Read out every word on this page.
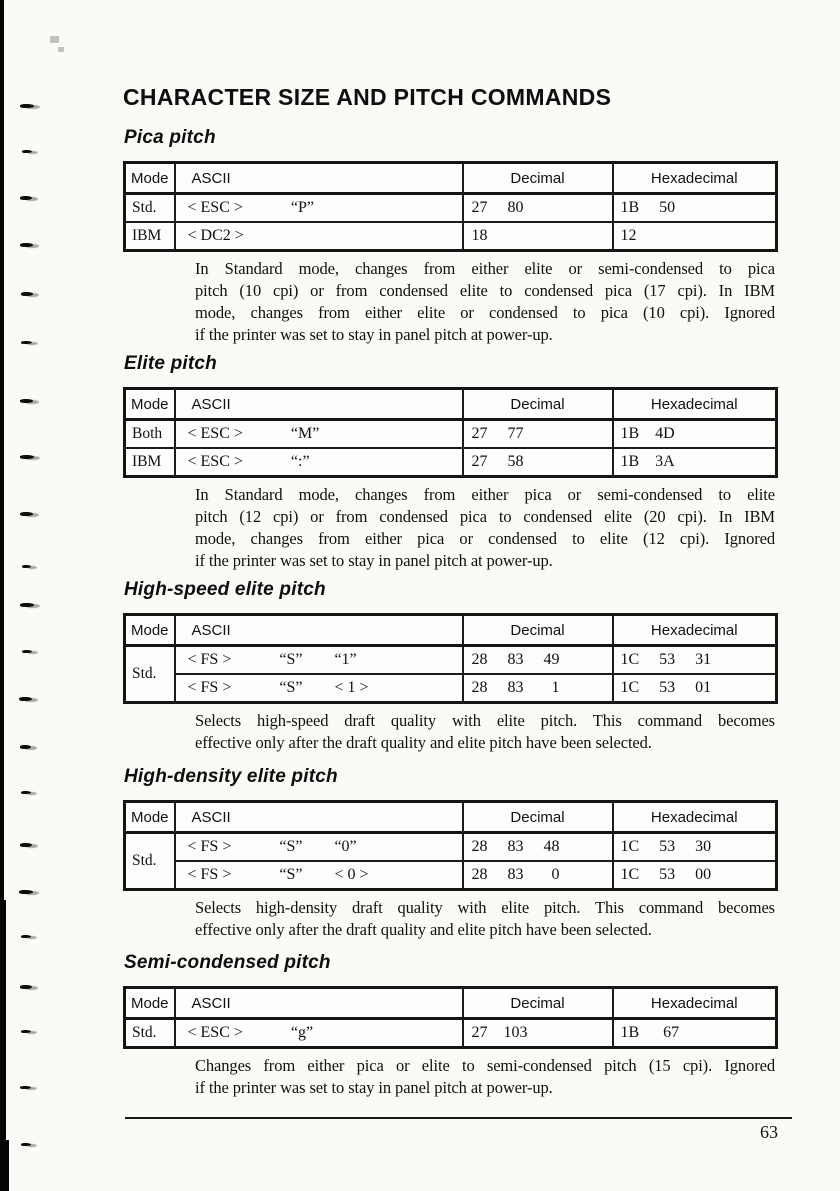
CHARACTER SIZE AND PITCH COMMANDS
Pica pitch
Mode	ASCII	Decimal	Hexadecimal
Std.	< ESC >   “P”	27     80	1B     50
IBM	< DC2 >	18	12
In Standard mode, changes from either elite or semi-condensed to pica
pitch (10 cpi) or from condensed elite to condensed pica (17 cpi). In IBM
mode, changes from either elite or condensed to pica (10 cpi). Ignored
if the printer was set to stay in panel pitch at power-up.
Elite pitch
Mode	ASCII	Decimal	Hexadecimal
Both	< ESC >   “M”	27     77	1B    4D
IBM	< ESC >   “:”	27     58	1B    3A
In Standard mode, changes from either pica or semi-condensed to elite
pitch (12 cpi) or from condensed pica to condensed elite (20 cpi). In IBM
mode, changes from either pica or condensed to elite (12 cpi). Ignored
if the printer was set to stay in panel pitch at power-up.
High-speed elite pitch
Mode	ASCII	Decimal	Hexadecimal
Std.	< FS >   “S”  “1”	28     83     49	1C     53     31
	< FS >   “S”  < 1 >	28     83       1	1C     53     01
Selects high-speed draft quality with elite pitch. This command becomes
effective only after the draft quality and elite pitch have been selected.
High-density elite pitch
Mode	ASCII	Decimal	Hexadecimal
Std.	< FS >   “S”  “0”	28     83     48	1C     53     30
	< FS >   “S”  < 0 >	28     83       0	1C     53     00
Selects high-density draft quality with elite pitch. This command becomes
effective only after the draft quality and elite pitch have been selected.
Semi-condensed pitch
Mode	ASCII	Decimal	Hexadecimal
Std.	< ESC >   “g”	27    103	1B      67
Changes from either pica or elite to semi-condensed pitch (15 cpi). Ignored
if the printer was set to stay in panel pitch at power-up.
63
